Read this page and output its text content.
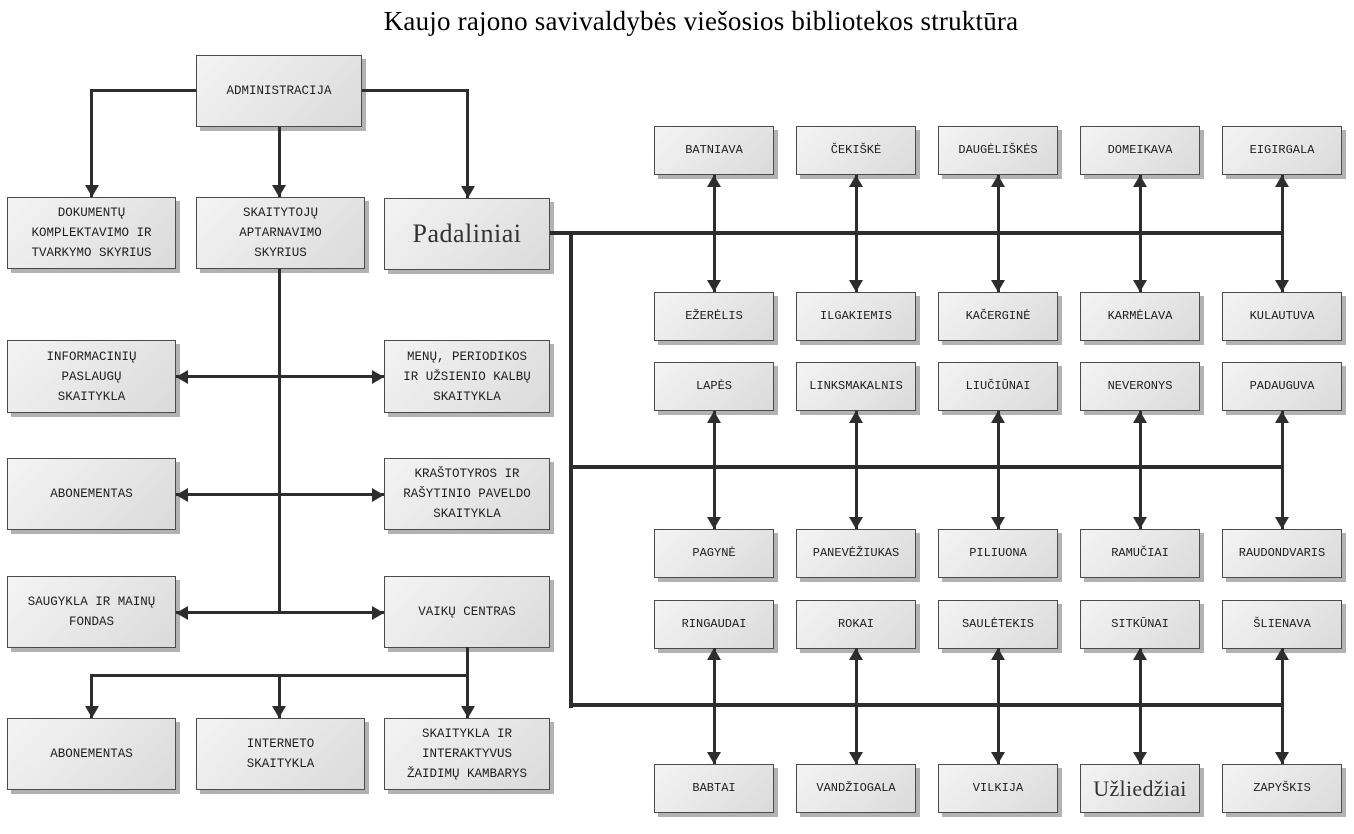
Kaujo rajono savivaldybės viešosios bibliotekos struktūra
ADMINISTRACIJA
DOKUMENTŲ KOMPLEKTAVIMO IR TVARKYMO SKYRIUS
SKAITYTOJŲ APTARNAVIMO SKYRIUS
Padaliniai
INFORMACINIŲ PASLAUGŲ SKAITYKLA
MENŲ, PERIODIKOS IR UŽSIENIO KALBŲ SKAITYKLA
ABONEMENTAS
KRAŠTOTYROS IR RAŠYTINIO PAVELDO SKAITYKLA
SAUGYKLA IR MAINŲ FONDAS
VAIKŲ CENTRAS
ABONEMENTAS
INTERNETO SKAITYKLA
SKAITYKLA IR INTERAKTYVUS ŽAIDIMŲ KAMBARYS
BATNIAVA	ČEKIŠKĖ	DAUGĖLIŠKĖS	DOMEIKAVA	EIGIRGALA
EŽERĖLIS	ILGAKIEMIS	KAČERGINĖ	KARMĖLAVA	KULAUTUVA
LAPĖS	LINKSMAKALNIS	LIUČIŪNAI	NEVERONYS	PADAUGUVA
PAGYNĖ	PANEVĖŽIUKAS	PILIUONA	RAMUČIAI	RAUDONDVARIS
RINGAUDAI	ROKAI	SAULĖTEKIS	SITKŪNAI	ŠLIENAVA
BABTAI	VANDŽIOGALA	VILKIJA	Užliedžiai	ZAPYŠKIS
